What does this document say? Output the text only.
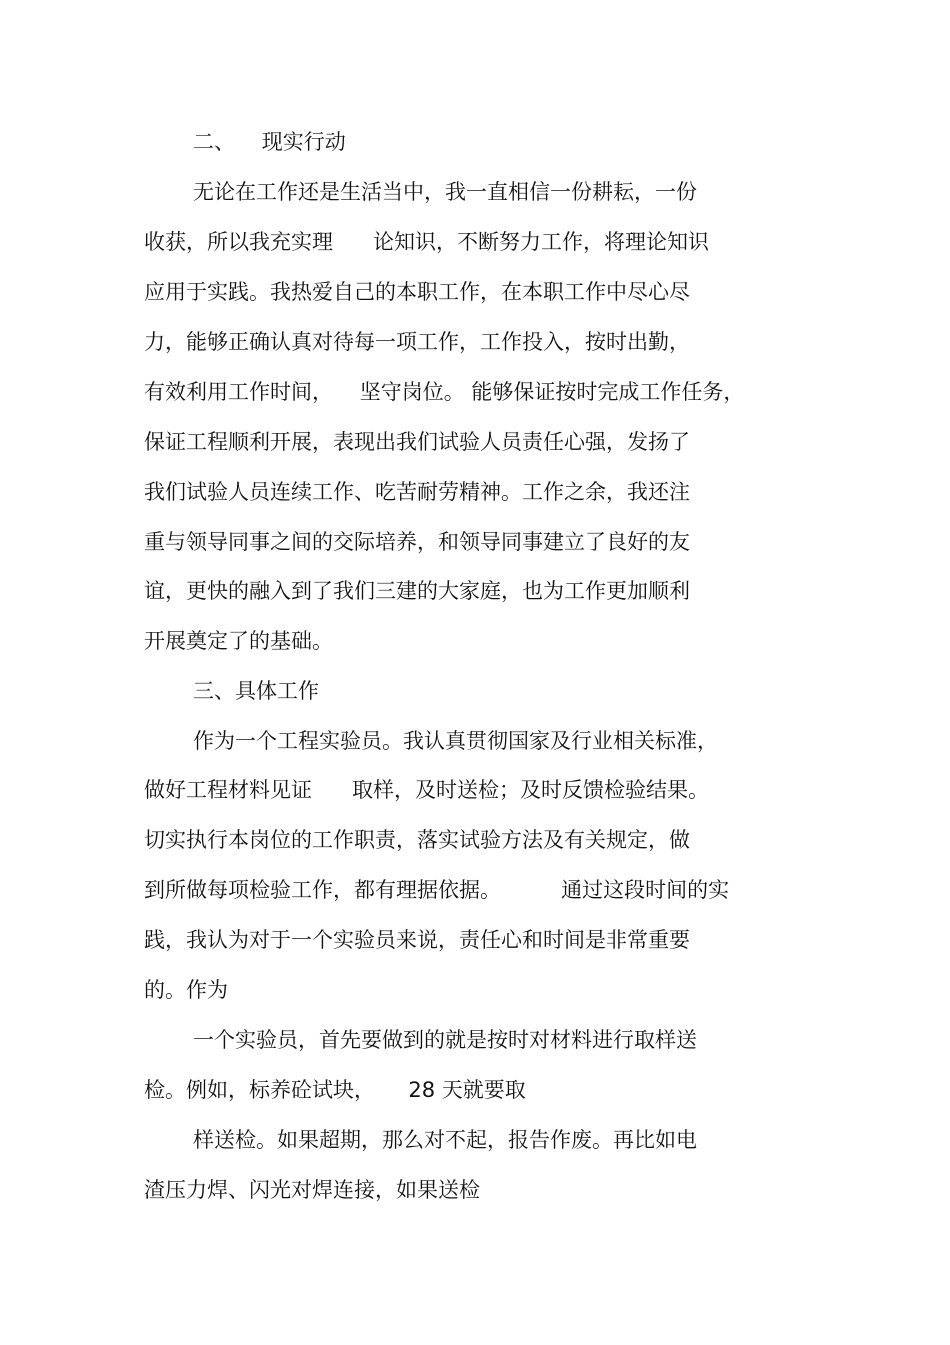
二、    现实行动

无论在工作还是生活当中，我一直相信一份耕耘，一份

收获，所以我充实理      论知识，不断努力工作，将理论知识

应用于实践。我热爱自己的本职工作，在本职工作中尽心尽

力，能够正确认真对待每一项工作，工作投入，按时出勤，

有效利用工作时间，    坚守岗位。 能够保证按时完成工作任务，

保证工程顺利开展，表现出我们试验人员责任心强，发扬了

我们试验人员连续工作、吃苦耐劳精神。工作之余，我还注

重与领导同事之间的交际培养，和领导同事建立了良好的友

谊，更快的融入到了我们三建的大家庭，也为工作更加顺利

开展奠定了的基础。

三、具体工作

作为一个工程实验员。我认真贯彻国家及行业相关标准，

做好工程材料见证      取样，及时送检；及时反馈检验结果。

切实执行本岗位的工作职责，落实试验方法及有关规定，做

到所做每项检验工作，都有理据依据。         通过这段时间的实

践，我认为对于一个实验员来说，责任心和时间是非常重要

的。作为

一个实验员，首先要做到的就是按时对材料进行取样送

检。例如，标养砼试块，     28 天就要取

样送检。如果超期，那么对不起，报告作废。再比如电

渣压力焊、闪光对焊连接，如果送检
